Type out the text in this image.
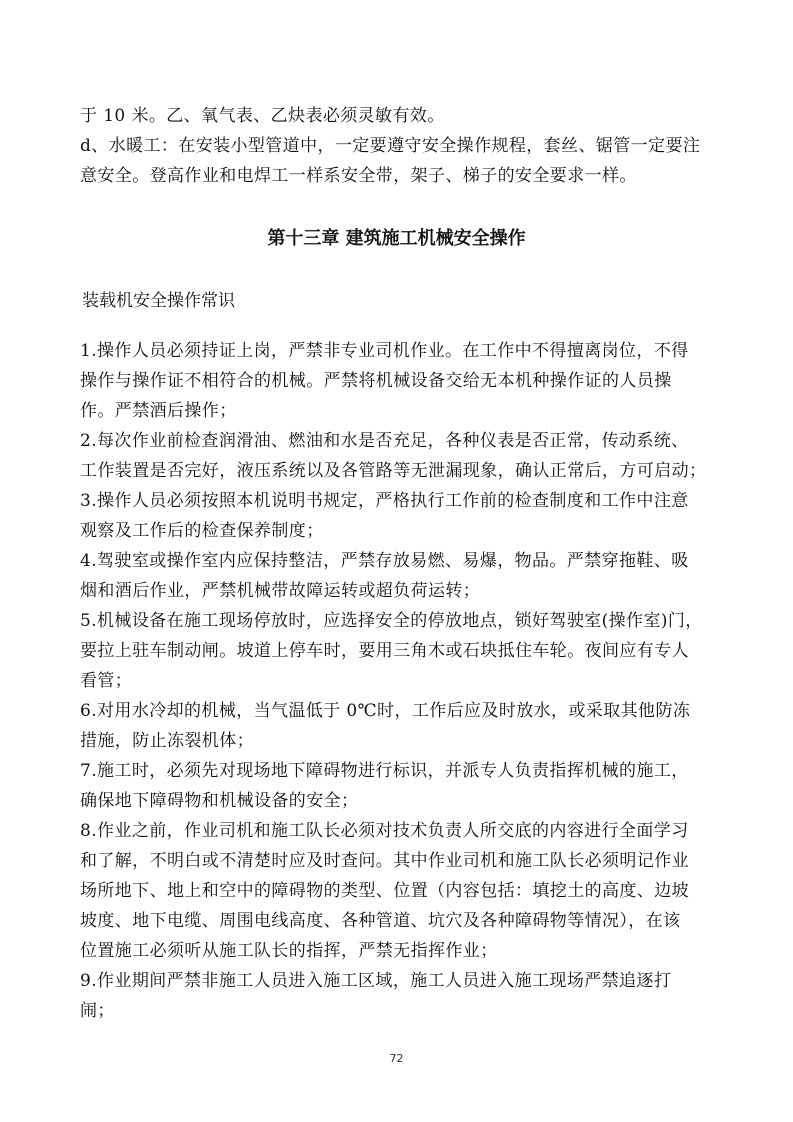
于 10 米。乙、氧气表、乙炔表必须灵敏有效。
d、水暖工：在安装小型管道中，一定要遵守安全操作规程，套丝、锯管一定要注
意安全。登高作业和电焊工一样系安全带，架子、梯子的安全要求一样。
第十三章 建筑施工机械安全操作
装载机安全操作常识
1.操作人员必须持证上岗，严禁非专业司机作业。在工作中不得擅离岗位，不得
操作与操作证不相符合的机械。严禁将机械设备交给无本机种操作证的人员操
作。严禁酒后操作；
2.每次作业前检查润滑油、燃油和水是否充足，各种仪表是否正常，传动系统、
工作装置是否完好，液压系统以及各管路等无泄漏现象，确认正常后，方可启动；
3.操作人员必须按照本机说明书规定，严格执行工作前的检查制度和工作中注意
观察及工作后的检查保养制度；
4.驾驶室或操作室内应保持整洁，严禁存放易燃、易爆，物品。严禁穿拖鞋、吸
烟和酒后作业，严禁机械带故障运转或超负荷运转；
5.机械设备在施工现场停放时，应选择安全的停放地点，锁好驾驶室(操作室)门，
要拉上驻车制动闸。坡道上停车时，要用三角木或石块抵住车轮。夜间应有专人
看管；
6.对用水冷却的机械，当气温低于 0℃时，工作后应及时放水，或采取其他防冻
措施，防止冻裂机体；
7.施工时，必须先对现场地下障碍物进行标识，并派专人负责指挥机械的施工，
确保地下障碍物和机械设备的安全；
8.作业之前，作业司机和施工队长必须对技术负责人所交底的内容进行全面学习
和了解，不明白或不清楚时应及时查问。其中作业司机和施工队长必须明记作业
场所地下、地上和空中的障碍物的类型、位置（内容包括：填挖土的高度、边坡
坡度、地下电缆、周围电线高度、各种管道、坑穴及各种障碍物等情况），在该
位置施工必须听从施工队长的指挥，严禁无指挥作业；
9.作业期间严禁非施工人员进入施工区域，施工人员进入施工现场严禁追逐打
闹；
72
